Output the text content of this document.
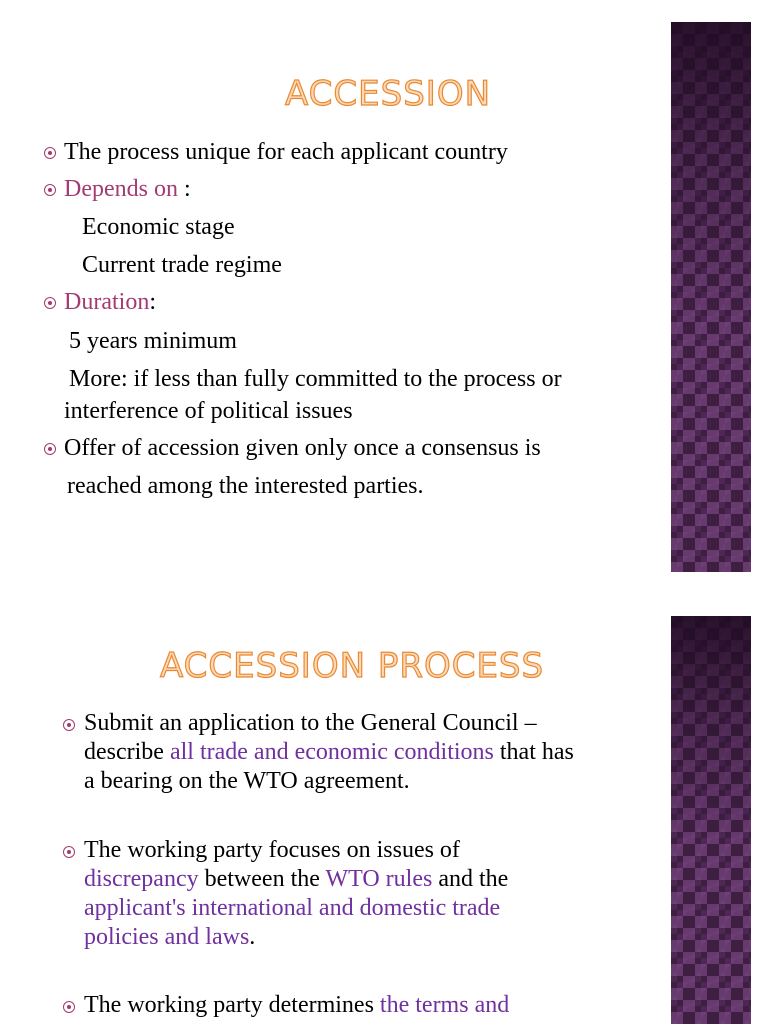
ACCESSION
The process unique for each applicant country
Depends on :
Economic stage
Current trade regime
Duration:
5 years minimum
More: if less than fully committed to the process or
interference of political issues
Offer of accession given only once a consensus is
reached among the interested parties.
ACCESSION PROCESS
Submit an application to the General Council –
describe all trade and economic conditions that has
a bearing on the WTO agreement.
The working party focuses on issues of
discrepancy between the WTO rules and the
applicant's international and domestic trade
policies and laws.
The working party determines the terms and
